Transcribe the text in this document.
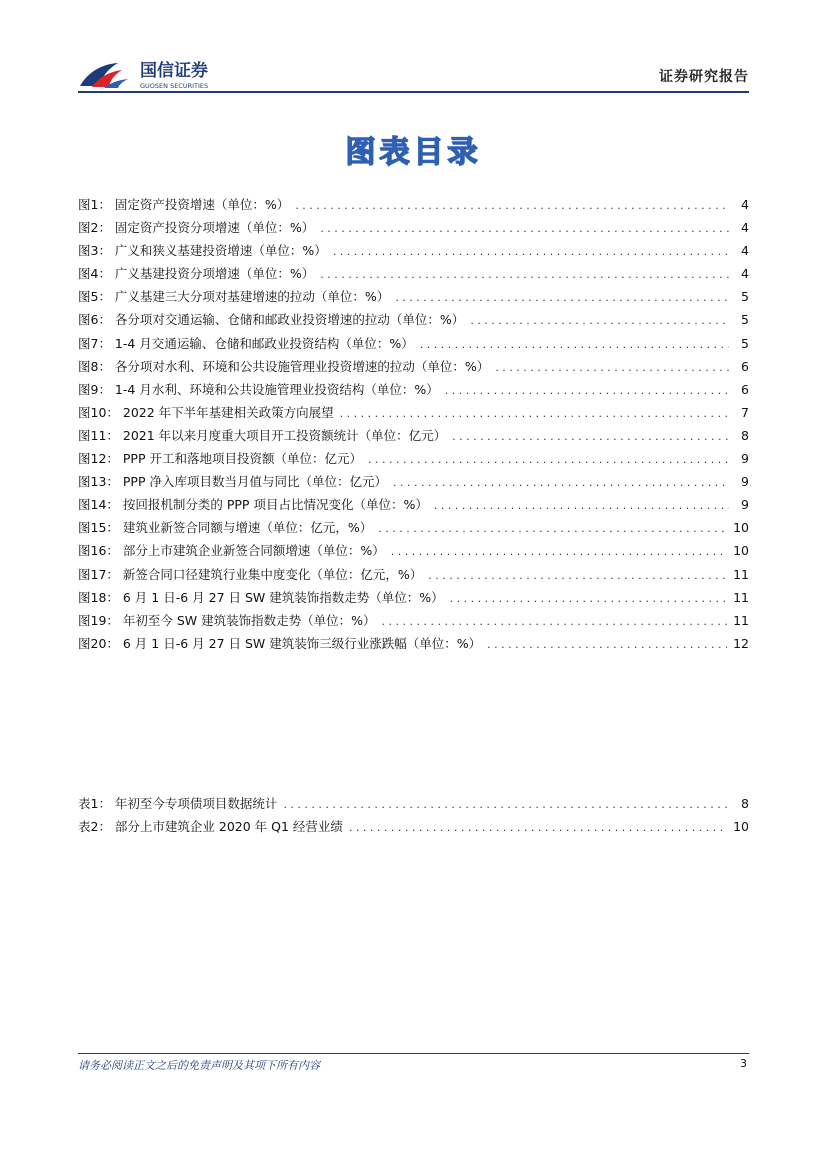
国信证券
GUOSEN SECURITIES
证券研究报告
图表目录
图1： 固定资产投资增速（单位：%） .....	4
图2： 固定资产投资分项增速（单位：%） .....	4
图3： 广义和狭义基建投资增速（单位：%） .....	4
图4： 广义基建投资分项增速（单位：%） .....	4
图5： 广义基建三大分项对基建增速的拉动（单位：%） .....	5
图6： 各分项对交通运输、仓储和邮政业投资增速的拉动（单位：%） .....	5
图7： 1-4 月交通运输、仓储和邮政业投资结构（单位：%） .....	5
图8： 各分项对水利、环境和公共设施管理业投资增速的拉动（单位：%） .....	6
图9： 1-4 月水利、环境和公共设施管理业投资结构（单位：%） .....	6
图10： 2022 年下半年基建相关政策方向展望 .....	7
图11： 2021 年以来月度重大项目开工投资额统计（单位：亿元） .....	8
图12： PPP 开工和落地项目投资额（单位：亿元） .....	9
图13： PPP 净入库项目数当月值与同比（单位：亿元） .....	9
图14： 按回报机制分类的 PPP 项目占比情况变化（单位：%） .....	9
图15： 建筑业新签合同额与增速（单位：亿元，%） .....	10
图16： 部分上市建筑企业新签合同额增速（单位：%） .....	10
图17： 新签合同口径建筑行业集中度变化（单位：亿元，%） .....	11
图18： 6 月 1 日-6 月 27 日 SW 建筑装饰指数走势（单位：%） .....	11
图19： 年初至今 SW 建筑装饰指数走势（单位：%） .....	11
图20： 6 月 1 日-6 月 27 日 SW 建筑装饰三级行业涨跌幅（单位：%） .....	12
表1： 年初至今专项债项目数据统计 .....	8
表2： 部分上市建筑企业 2020 年 Q1 经营业绩 .....	10
请务必阅读正文之后的免责声明及其项下所有内容	3
